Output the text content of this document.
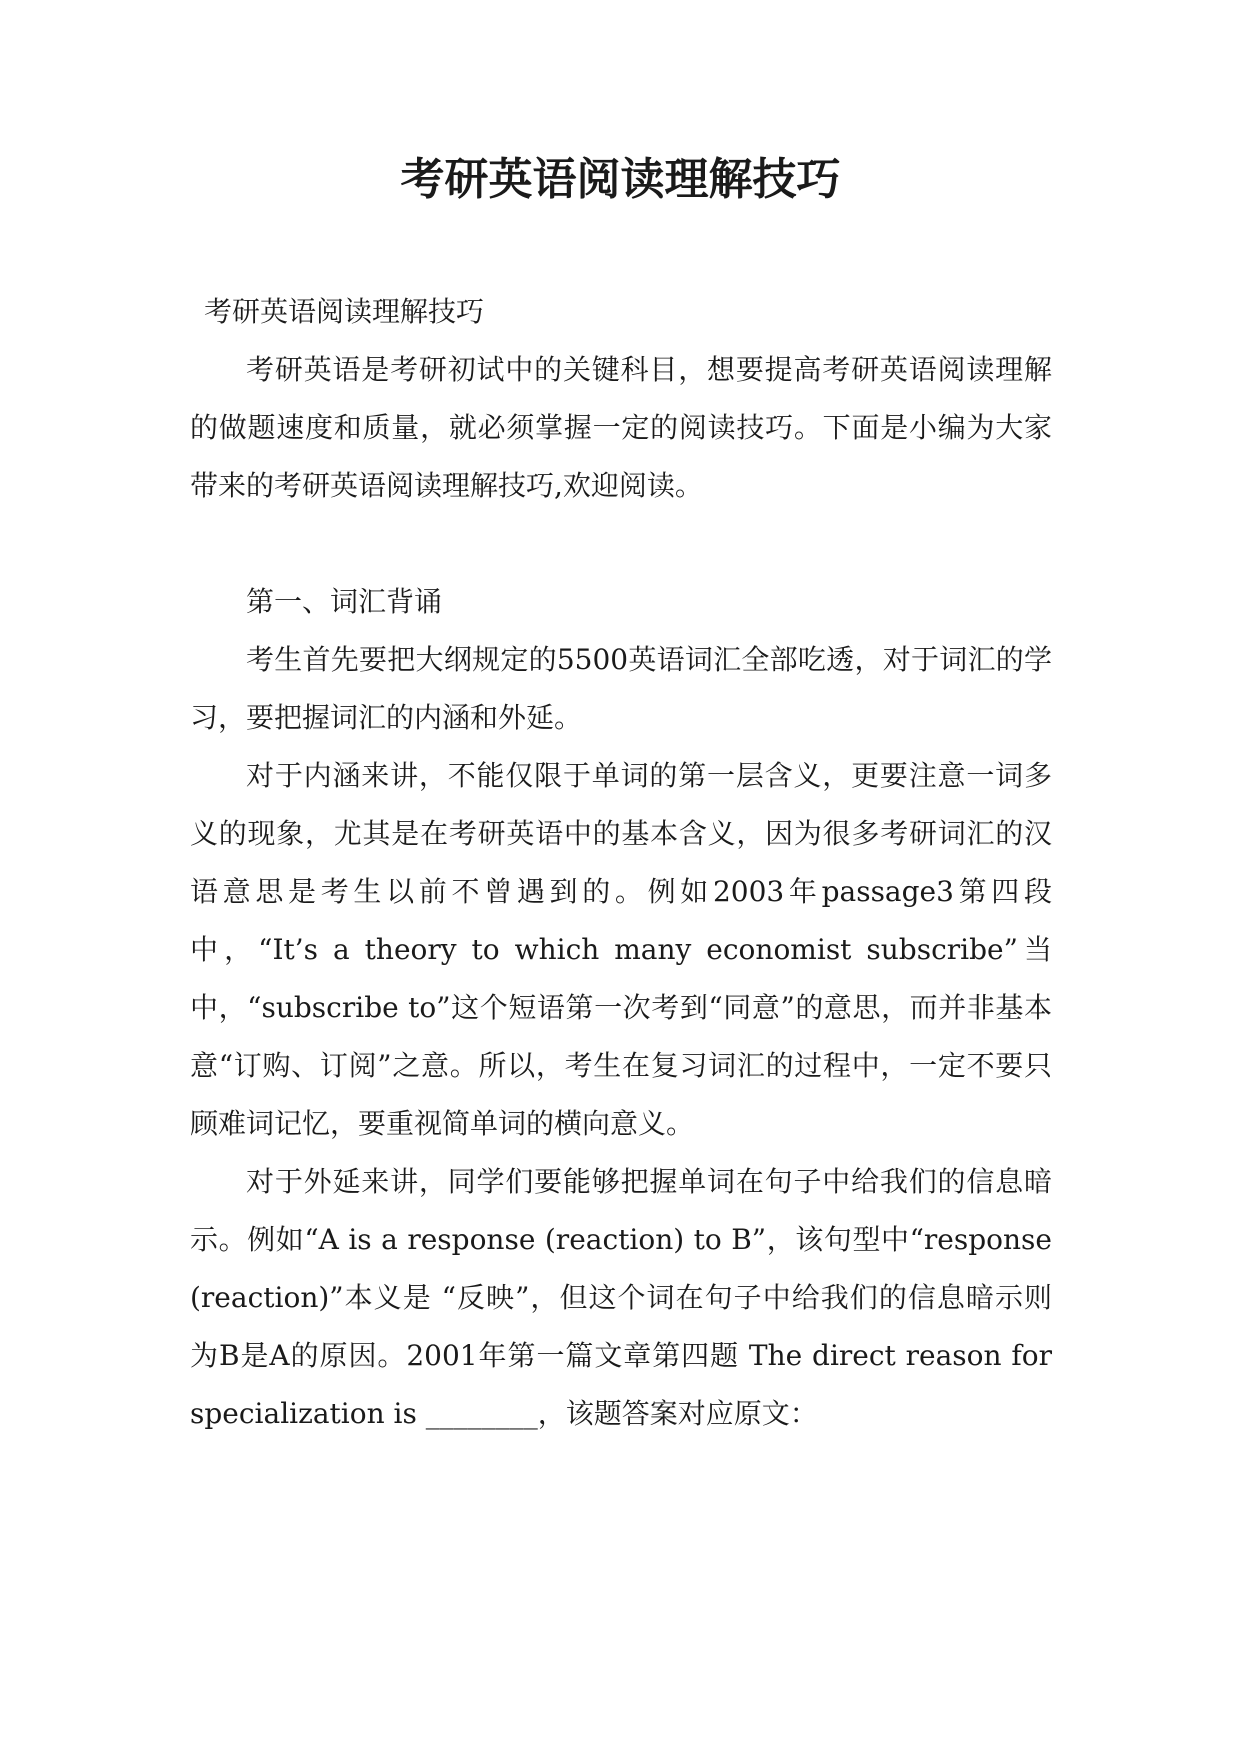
考研英语阅读理解技巧

考研英语阅读理解技巧

考研英语是考研初试中的关键科目，想要提高考研英语阅读理解的做题速度和质量，就必须掌握一定的阅读技巧。下面是小编为大家带来的考研英语阅读理解技巧,欢迎阅读。

第一、词汇背诵

考生首先要把大纲规定的5500英语词汇全部吃透，对于词汇的学习，要把握词汇的内涵和外延。

对于内涵来讲，不能仅限于单词的第一层含义，更要注意一词多义的现象，尤其是在考研英语中的基本含义，因为很多考研词汇的汉语意思是考生以前不曾遇到的。例如2003年passage3第四段中，“It’s a theory to which many economist subscribe”当中，“subscribe to”这个短语第一次考到“同意”的意思，而并非基本意“订购、订阅”之意。所以，考生在复习词汇的过程中，一定不要只顾难词记忆，要重视简单词的横向意义。

对于外延来讲，同学们要能够把握单词在句子中给我们的信息暗示。例如“A is a response (reaction) to B”，该句型中“response (reaction)”本义是 “反映”，但这个词在句子中给我们的信息暗示则为B是A的原因。2001年第一篇文章第四题 The direct reason for specialization is ________，该题答案对应原文：
